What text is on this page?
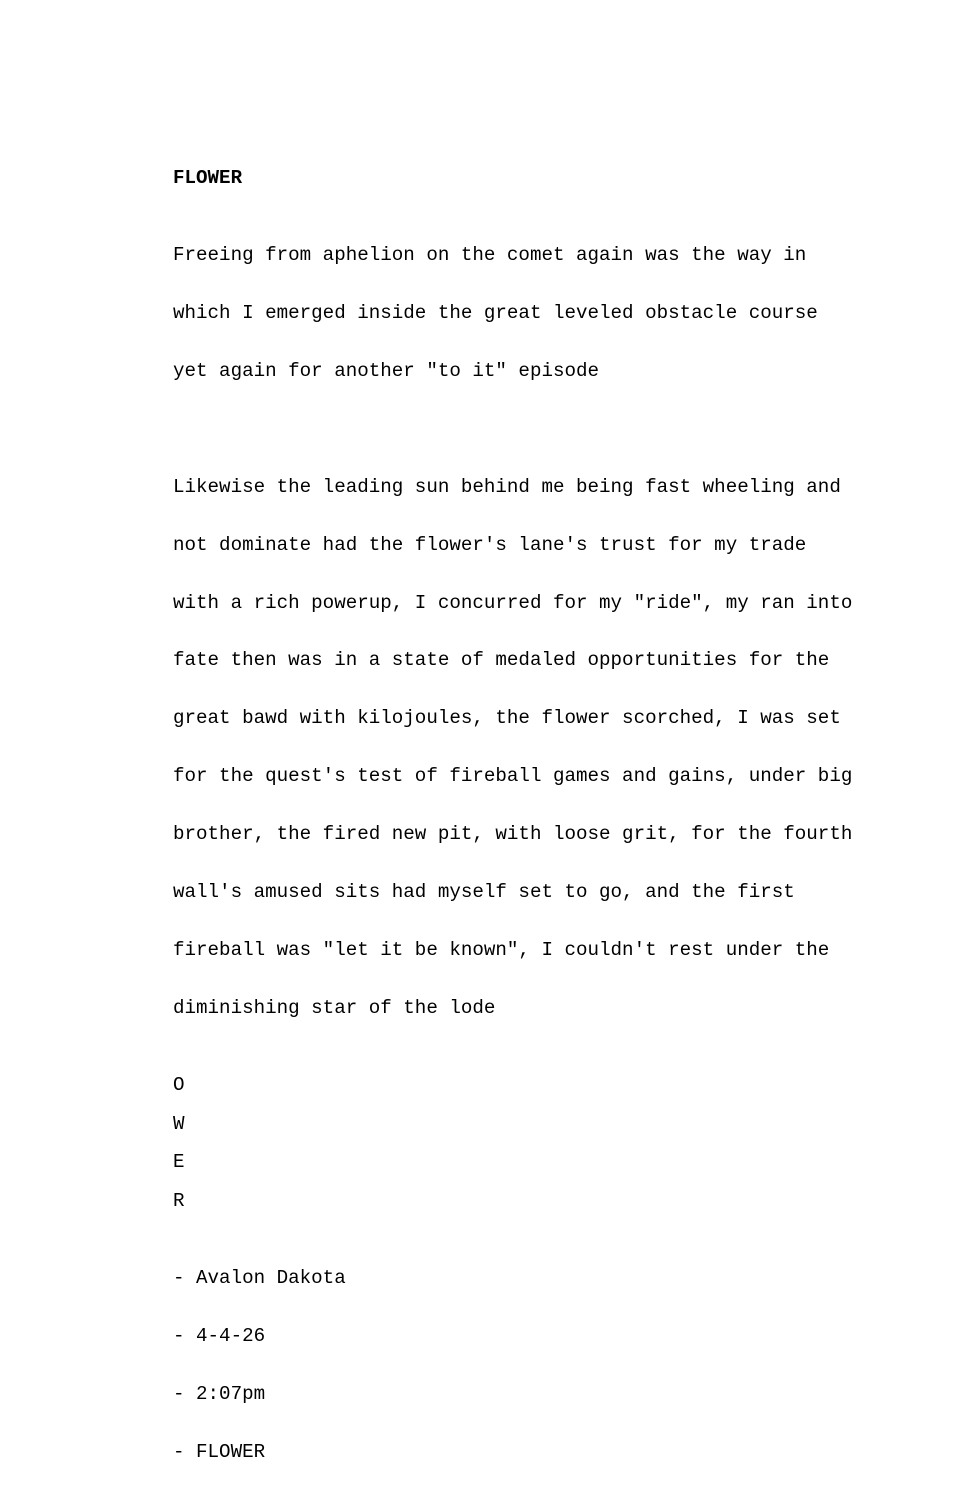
FLOWER

Freeing from aphelion on the comet again was the way in

which I emerged inside the great leveled obstacle course

yet again for another "to it" episode

Likewise the leading sun behind me being fast wheeling and

not dominate had the flower's lane's trust for my trade

with a rich powerup, I concurred for my "ride", my ran into

fate then was in a state of medaled opportunities for the

great bawd with kilojoules, the flower scorched, I was set

for the quest's test of fireball games and gains, under big

brother, the fired new pit, with loose grit, for the fourth

wall's amused sits had myself set to go, and the first

fireball was "let it be known", I couldn't rest under the

diminishing star of the lode

O
W
E
R

- Avalon Dakota

- 4-4-26

- 2:07pm

- FLOWER
